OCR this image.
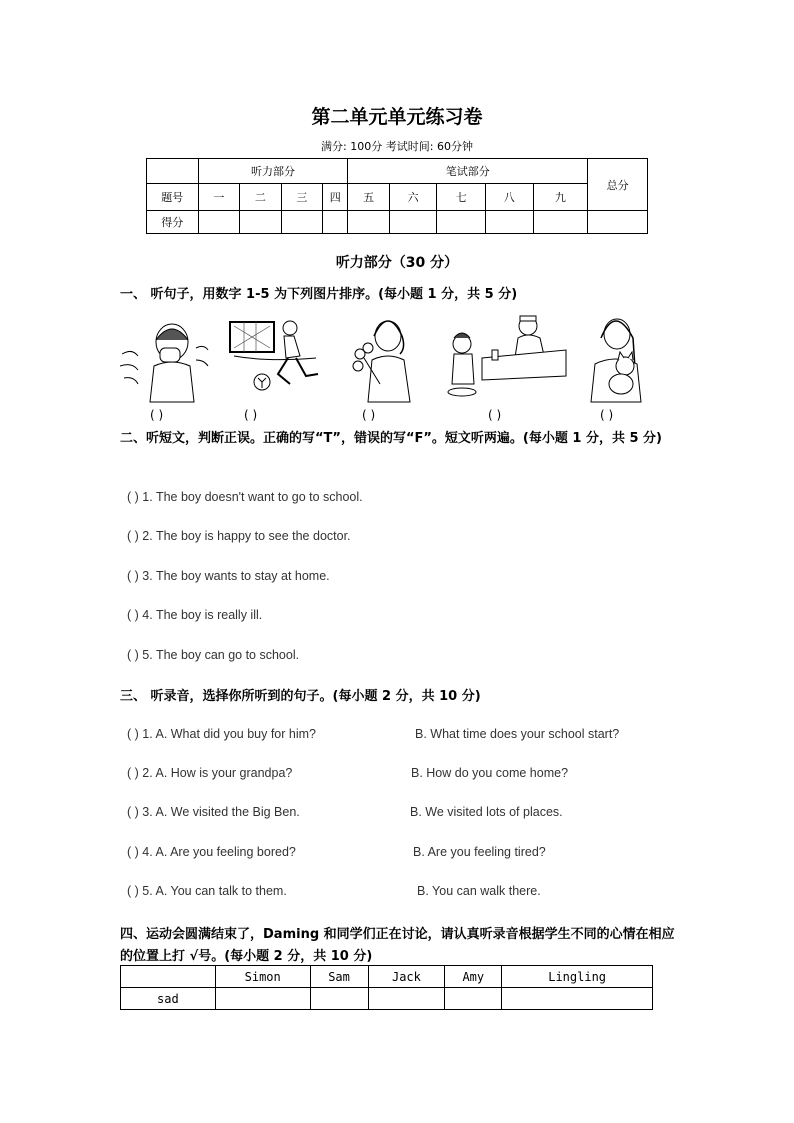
第二单元单元练习卷
满分: 100分 考试时间: 60分钟
	听力部分				笔试部分					总分
题号	一	二	三	四	五	六	七	八	九	
得分										
听力部分（30 分）
一、 听句子，用数字 1-5 为下列图片排序。(每小题 1 分，共 5 分)
( )	( )	( )	( )	( )
二、听短文，判断正误。正确的写“T”，错误的写“F”。短文听两遍。(每小题 1 分，共 5 分)
( ) 1. The boy doesn't want to go to school.
( ) 2. The boy is happy to see the doctor.
( ) 3. The boy wants to stay at home.
( ) 4. The boy is really ill.
( ) 5. The boy can go to school.
三、 听录音，选择你所听到的句子。(每小题 2 分，共 10 分)
( ) 1. A. What did you buy for him?	B. What time does your school start?
( ) 2. A. How is your grandpa?	B. How do you come home?
( ) 3. A. We visited the Big Ben.	B. We visited lots of places.
( ) 4. A. Are you feeling bored?	B. Are you feeling tired?
( ) 5. A. You can talk to them.	B. You can walk there.
四、运动会圆满结束了，Daming 和同学们正在讨论，请认真听录音根据学生不同的心情在相应的位置上打 √号。(每小题 2 分，共 10 分)
	Simon	Sam	Jack	Amy	Lingling
sad					
